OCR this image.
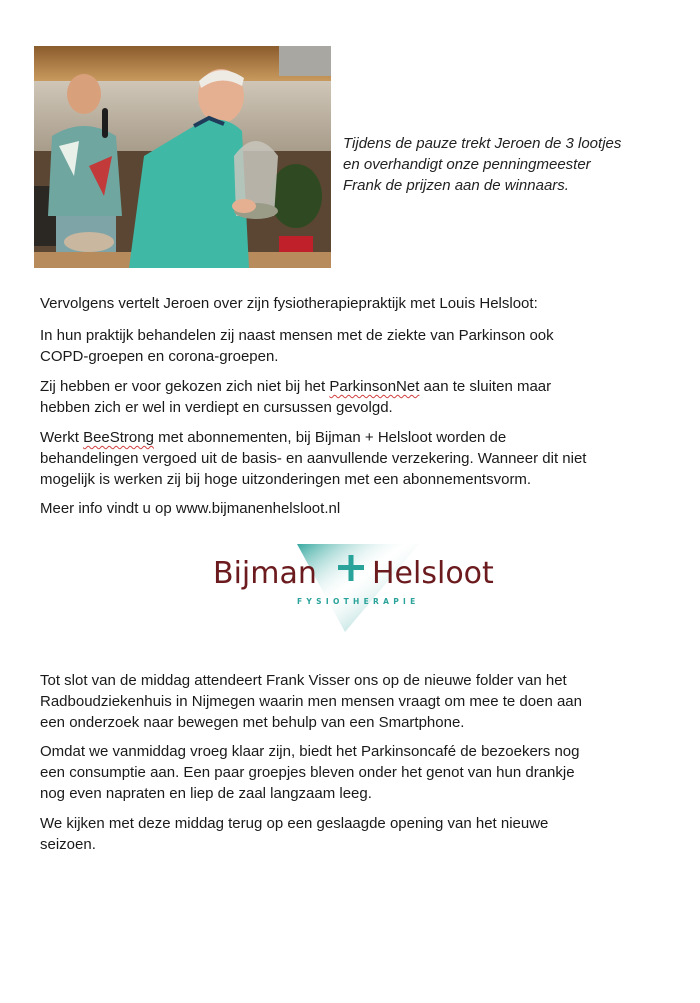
Tijdens de pauze trekt Jeroen de 3 lootjes
en overhandigt onze penningmeester
Frank de prijzen aan de winnaars.

Vervolgens vertelt Jeroen over zijn fysiotherapiepraktijk met Louis Helsloot:

In hun praktijk behandelen zij naast mensen met de ziekte van Parkinson ook
COPD-groepen en corona-groepen.

Zij hebben er voor gekozen zich niet bij het ParkinsonNet aan te sluiten maar
hebben zich er wel in verdiept en cursussen gevolgd.

Werkt BeeStrong met abonnementen, bij Bijman + Helsloot worden de
behandelingen vergoed uit de basis- en aanvullende verzekering. Wanneer dit niet
mogelijk is werken zij bij hoge uitzonderingen met een abonnementsvorm.

Meer info vindt u op www.bijmanenhelsloot.nl

Bijman Helsloot
FYSIOTHERAPIE

Tot slot van de middag attendeert Frank Visser ons op de nieuwe folder van het
Radboudziekenhuis in Nijmegen waarin men mensen vraagt om mee te doen aan
een onderzoek naar bewegen met behulp van een Smartphone.

Omdat we vanmiddag vroeg klaar zijn, biedt het Parkinsoncafé de bezoekers nog
een consumptie aan. Een paar groepjes bleven onder het genot van hun drankje
nog even napraten en liep de zaal langzaam leeg.

We kijken met deze middag terug op een geslaagde opening van het nieuwe
seizoen.
